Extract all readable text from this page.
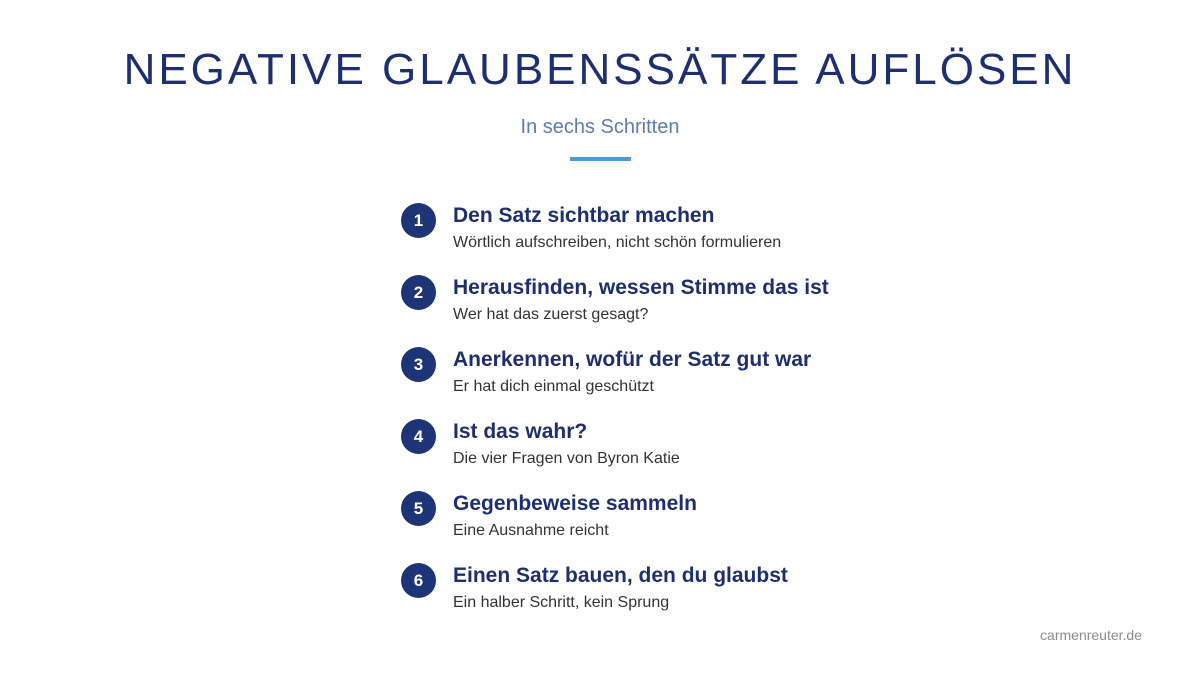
NEGATIVE GLAUBENSSÄTZE AUFLÖSEN
In sechs Schritten
1	Den Satz sichtbar machen
Wörtlich aufschreiben, nicht schön formulieren
2	Herausfinden, wessen Stimme das ist
Wer hat das zuerst gesagt?
3	Anerkennen, wofür der Satz gut war
Er hat dich einmal geschützt
4	Ist das wahr?
Die vier Fragen von Byron Katie
5	Gegenbeweise sammeln
Eine Ausnahme reicht
6	Einen Satz bauen, den du glaubst
Ein halber Schritt, kein Sprung
carmenreuter.de
